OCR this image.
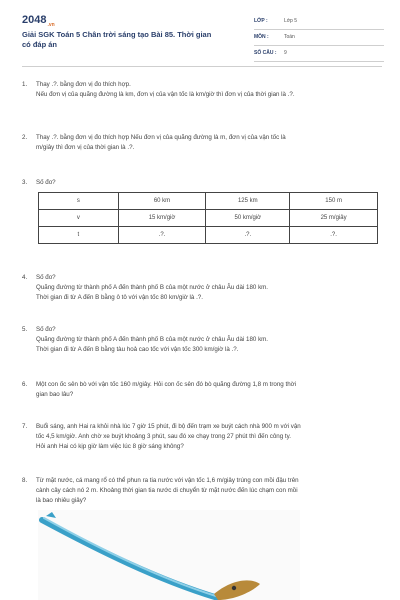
$2048_{.vn}$
Giải SGK Toán 5 Chân trời sáng tạo Bài 85. Thời gian có đáp án
LỚP :	Lớp 5
MÔN :	Toán
SỐ CÂU : 9
1. Thay .?. bằng đơn vị đo thích hợp.
Nếu đơn vị của quãng đường là km, đơn vị của vận tốc là km/giờ thì đơn vị của thời gian là .?.
2. Thay .?. bằng đơn vị đo thích hợp Nếu đơn vị của quãng đường là m, đơn vị của vận tốc là
m/giây thì đơn vị của thời gian là .?.
3. Số đo?
s	60 km	125 km	150 m
v	15 km/giờ	50 km/giờ	25 m/giây
t	.?.	.?.	.?.
4. Số đo?
Quãng đường từ thành phố A đến thành phố B của một nước ở châu Âu dài 180 km.
Thời gian đi từ A đến B bằng ô tô với vận tốc 80 km/giờ là .?.
5. Số đo?
Quãng đường từ thành phố A đến thành phố B của một nước ở châu Âu dài 180 km.
Thời gian đi từ A đến B bằng tàu hoả cao tốc với vận tốc 300 km/giờ là .?.
6. Một con ốc sên bò với vận tốc 160 m/giây. Hỏi con ốc sên đó bò quãng đường 1,8 m trong thời
gian bao lâu?
7. Buổi sáng, anh Hai ra khỏi nhà lúc 7 giờ 15 phút, đi bộ đến trạm xe buýt cách nhà 900 m với vận
tốc 4,5 km/giờ. Anh chờ xe buýt khoảng 3 phút, sau đó xe chạy trong 27 phút thì đến công ty.
Hỏi anh Hai có kịp giờ làm việc lúc 8 giờ sáng không?
8. Từ mặt nước, cá mang rổ có thể phun ra tia nước với vận tốc 1,6 m/giây trúng con mồi đậu trên
cành cây cách nó 2 m. Khoảng thời gian tia nước di chuyển từ mặt nước đến lúc chạm con mồi
là bao nhiêu giây?
